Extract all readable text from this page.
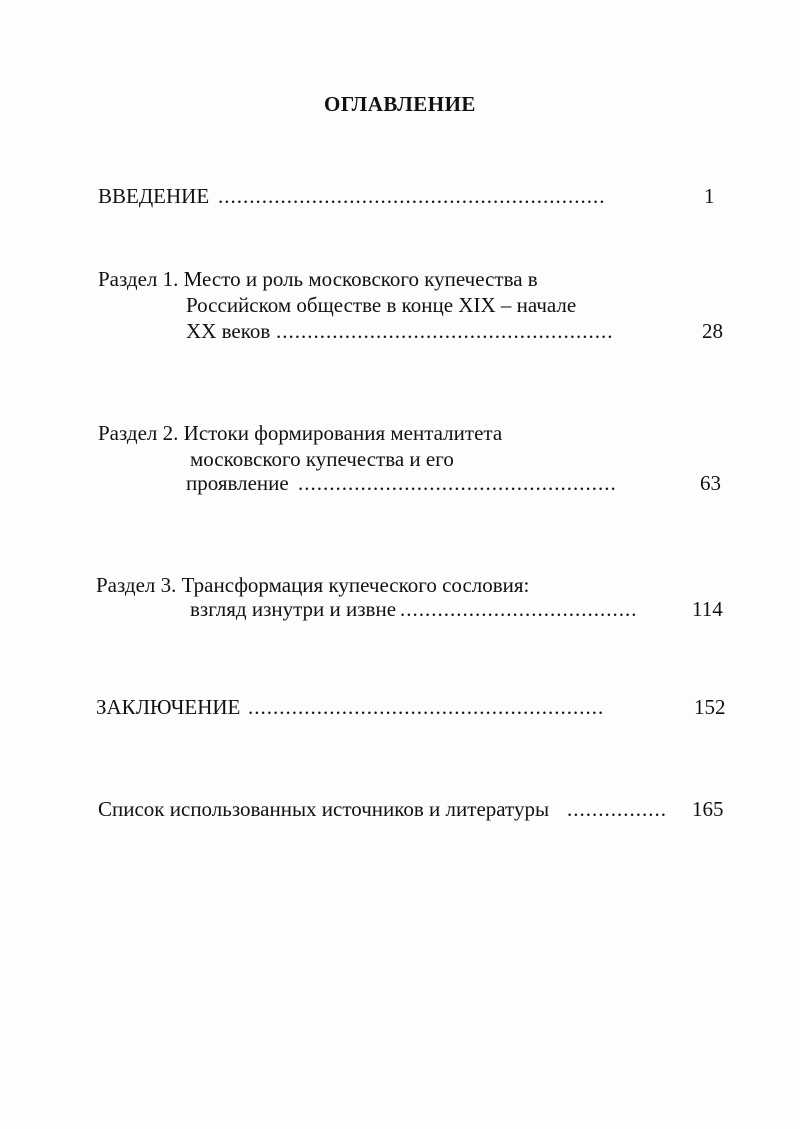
ОГЛАВЛЕНИЕ
ВВЕДЕНИЕ ..............................................................	1
Раздел 1. Место и роль московского купечества в
Российском обществе в конце XIX – начале
XX веков ......................................................	28
Раздел 2. Истоки формирования менталитета
московского купечества и его
проявление ...................................................	63
Раздел 3. Трансформация купеческого сословия:
взгляд изнутри и извне ......................................	114
ЗАКЛЮЧЕНИЕ .........................................................	152
Список использованных источников и литературы ................	165
